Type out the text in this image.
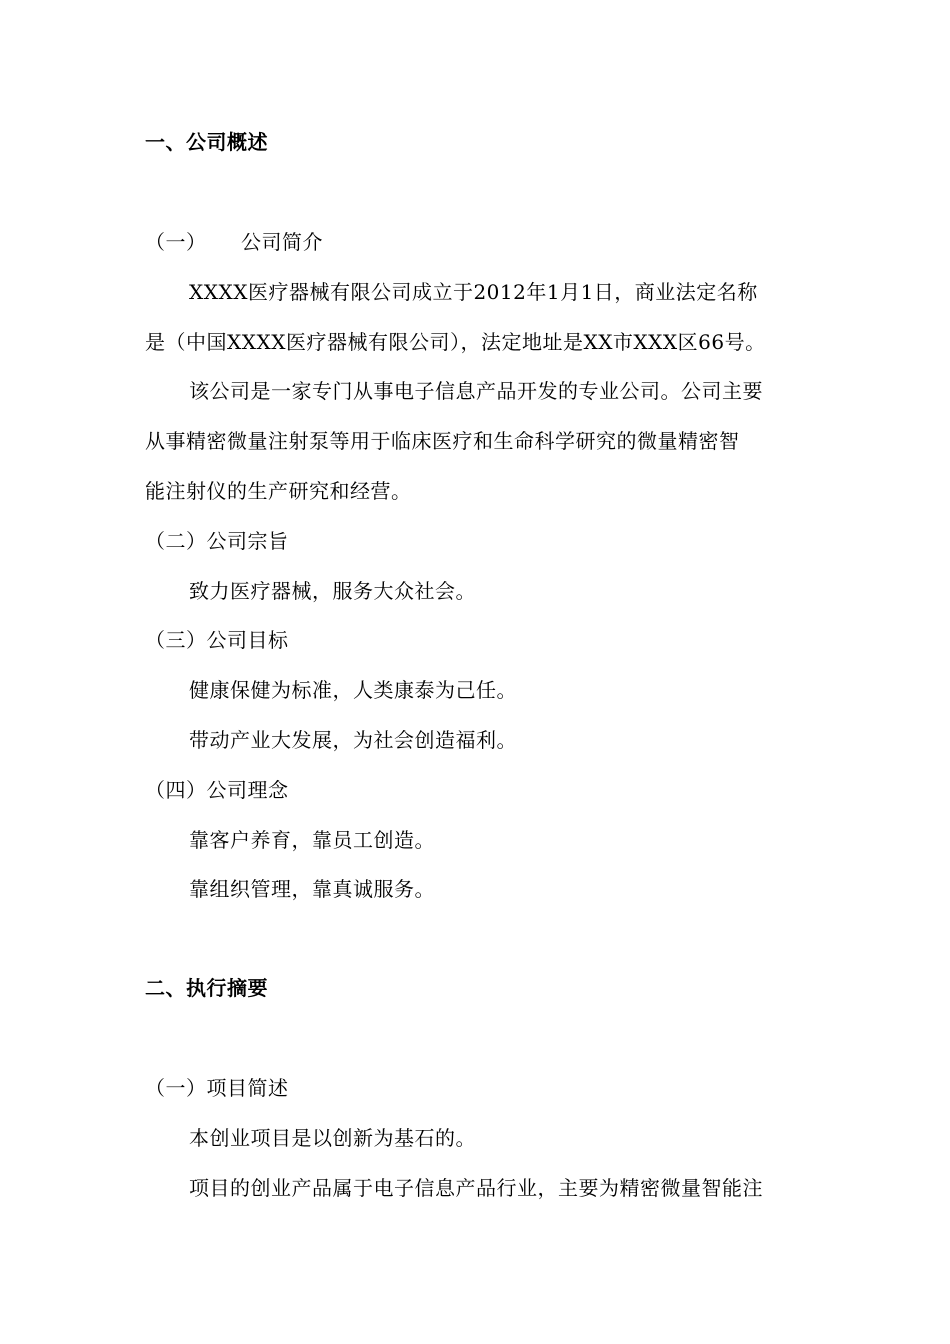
一、公司概述
（一） 公司简介
XXXX医疗器械有限公司成立于2012年1月1日，商业法定名称
是（中国XXXX医疗器械有限公司），法定地址是XX市XXX区66号。
该公司是一家专门从事电子信息产品开发的专业公司。公司主要
从事精密微量注射泵等用于临床医疗和生命科学研究的微量精密智
能注射仪的生产研究和经营。
（二）公司宗旨
致力医疗器械，服务大众社会。
（三）公司目标
健康保健为标准，人类康泰为己任。
带动产业大发展，为社会创造福利。
（四）公司理念
靠客户养育，靠员工创造。
靠组织管理，靠真诚服务。
二、执行摘要
（一）项目简述
本创业项目是以创新为基石的。
项目的创业产品属于电子信息产品行业，主要为精密微量智能注
